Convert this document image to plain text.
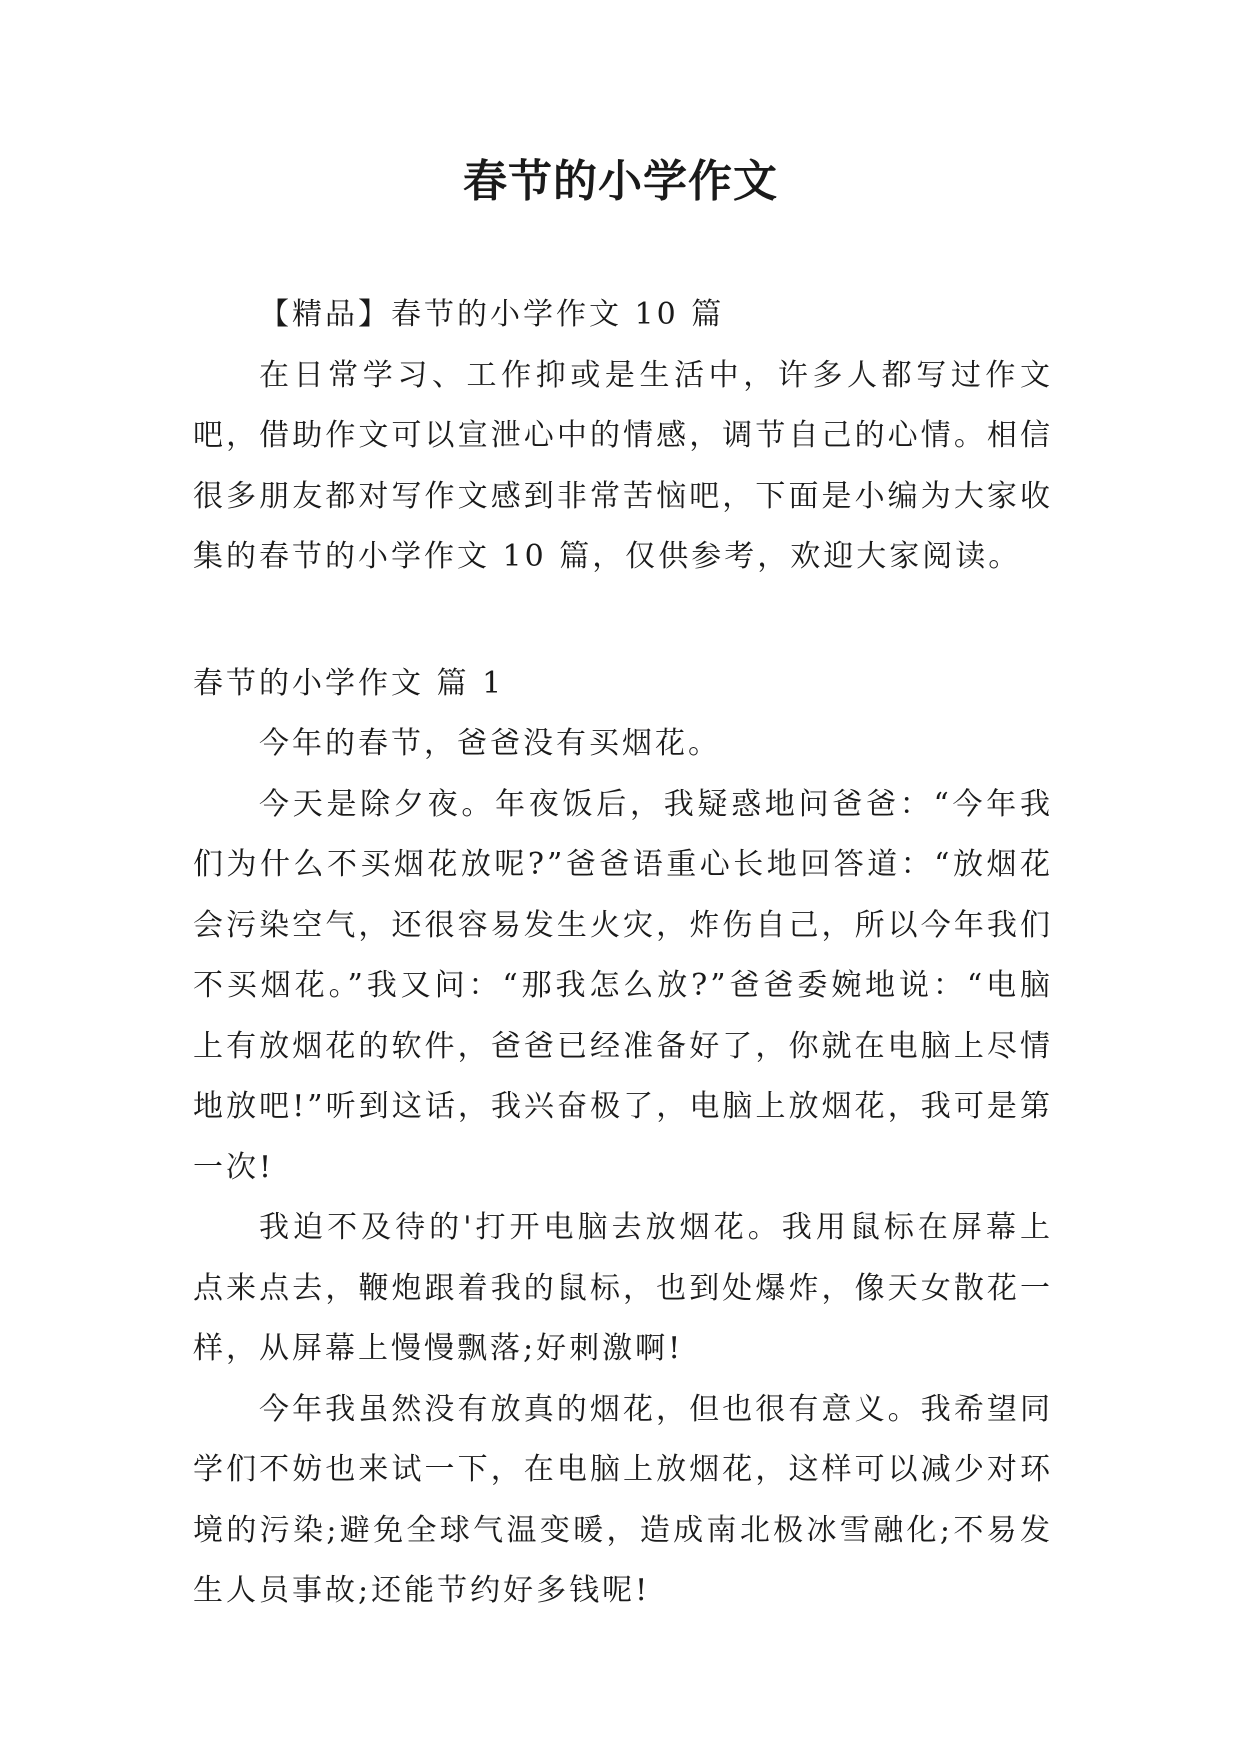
春节的小学作文

【精品】春节的小学作文 10 篇

在日常学习、工作抑或是生活中，许多人都写过作文吧，借助作文可以宣泄心中的情感，调节自己的心情。相信很多朋友都对写作文感到非常苦恼吧，下面是小编为大家收集的春节的小学作文 10 篇，仅供参考，欢迎大家阅读。

春节的小学作文 篇 1

今年的春节，爸爸没有买烟花。

今天是除夕夜。年夜饭后，我疑惑地问爸爸：“今年我们为什么不买烟花放呢?”爸爸语重心长地回答道：“放烟花会污染空气，还很容易发生火灾，炸伤自己，所以今年我们不买烟花。”我又问：“那我怎么放?”爸爸委婉地说：“电脑上有放烟花的软件，爸爸已经准备好了，你就在电脑上尽情地放吧!”听到这话，我兴奋极了，电脑上放烟花，我可是第一次!

我迫不及待的'打开电脑去放烟花。我用鼠标在屏幕上点来点去，鞭炮跟着我的鼠标，也到处爆炸，像天女散花一样，从屏幕上慢慢飘落;好刺激啊!

今年我虽然没有放真的烟花，但也很有意义。我希望同学们不妨也来试一下，在电脑上放烟花，这样可以减少对环境的污染;避免全球气温变暖，造成南北极冰雪融化;不易发生人员事故;还能节约好多钱呢!
